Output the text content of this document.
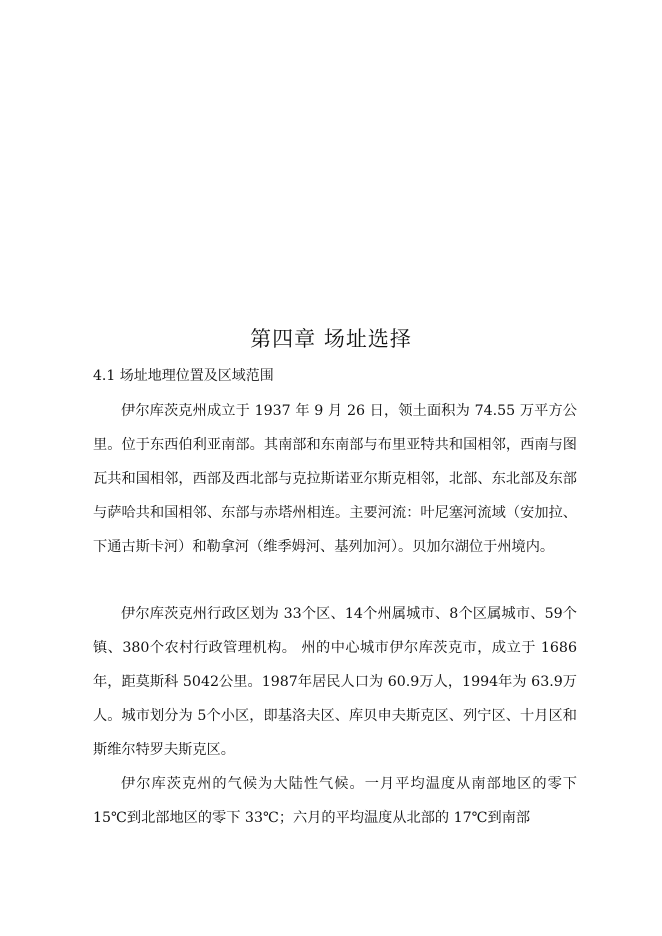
第四章 场址选择
4.1 场址地理位置及区域范围

伊尔库茨克州成立于 1937 年 9 月 26 日，领土面积为 74.55 万平方公里。位于东西伯利亚南部。其南部和东南部与布里亚特共和国相邻，西南与图瓦共和国相邻，西部及西北部与克拉斯诺亚尔斯克相邻，北部、东北部及东部与萨哈共和国相邻、东部与赤塔州相连。主要河流：叶尼塞河流域（安加拉、下通古斯卡河）和勒拿河（维季姆河、基列加河）。贝加尔湖位于州境内。

伊尔库茨克州行政区划为 33个区、14个州属城市、8个区属城市、59个镇、380个农村行政管理机构。 州的中心城市伊尔库茨克市，成立于 1686年，距莫斯科 5042公里。1987年居民人口为 60.9万人，1994年为 63.9万人。城市划分为 5个小区，即基洛夫区、库贝申夫斯克区、列宁区、十月区和斯维尔特罗夫斯克区。

伊尔库茨克州的气候为大陆性气候。一月平均温度从南部地区的零下15℃到北部地区的零下 33℃；六月的平均温度从北部的 17℃到南部
